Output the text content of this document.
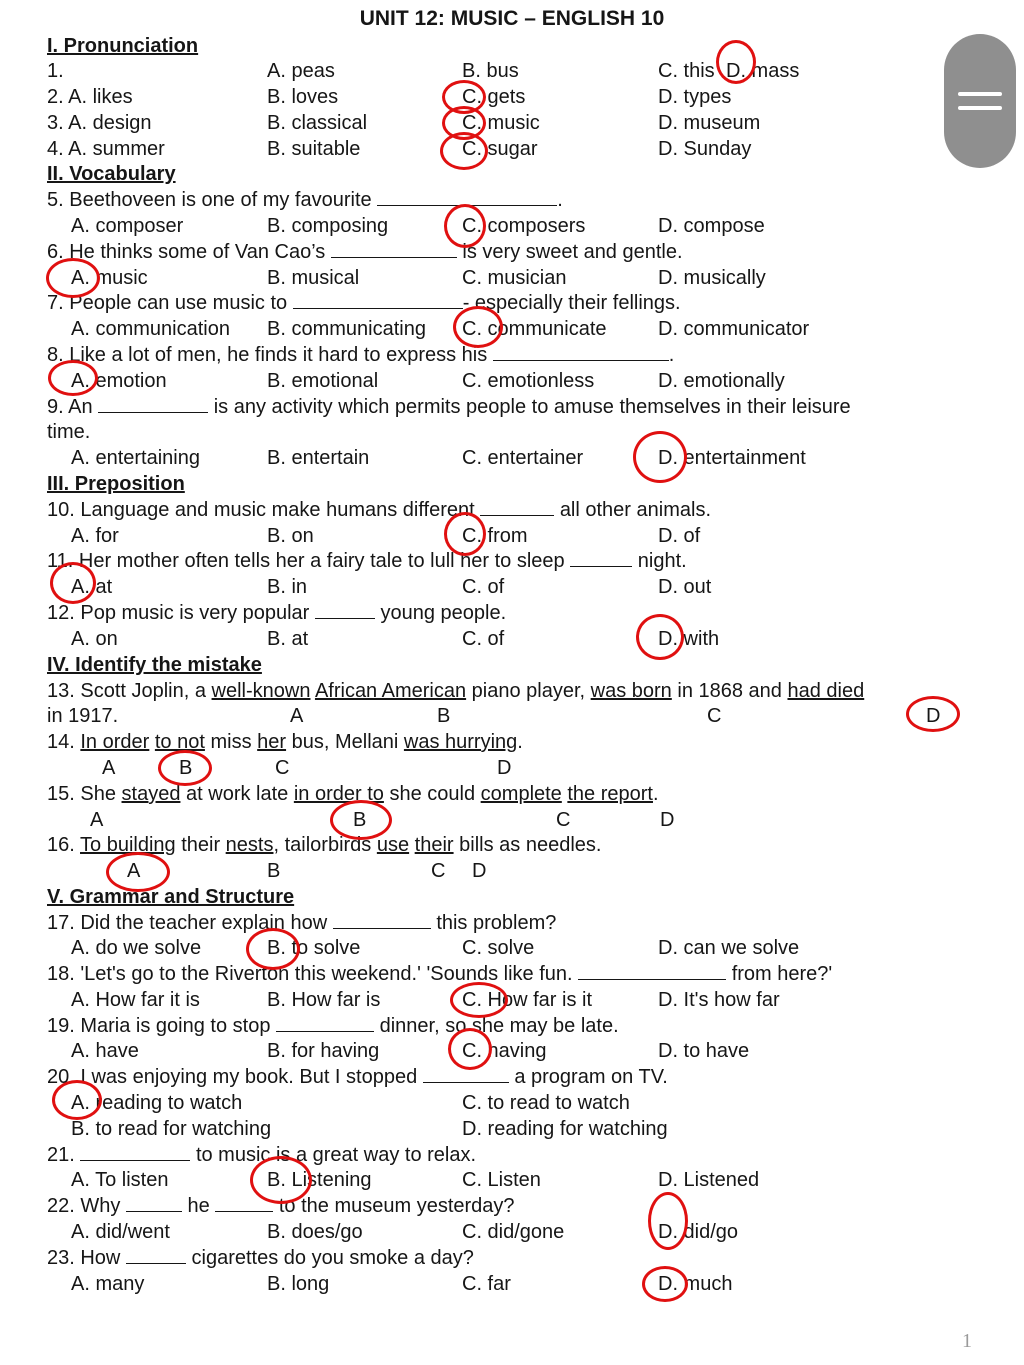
UNIT 12: MUSIC – ENGLISH 10
I. Pronunciation
1.	A. peas	B. bus	C. this D. mass
2. A. likes	B. loves	C. gets	D. types
3. A. design	B. classical	C. music	D. museum
4. A. summer	B. suitable	C. sugar	D. Sunday
II. Vocabulary
5. Beethoveen is one of my favourite	.
A. composer	B. composing	C. composers	D. compose
6. He thinks some of Van Cao’s	is very sweet and gentle.
A. music	B. musical	C. musician	D. musically
7. People can use music to	- especially their fellings.
A. communication B. communicating C. communicate	D. communicator
8. Like a lot of men, he finds it hard to express his	.
A. emotion	B. emotional	C. emotionless	D. emotionally
9. An	is any activity which permits people to amuse themselves in their leisure
time.
A. entertaining	B. entertain	C. entertainer	D. entertainment
III. Preposition
10. Language and music make humans different	all other animals.
A. for	B. on	C. from	D. of
11. Her mother often tells her a fairy tale to lull her to sleep	night.
A. at	B. in	C. of	D. out
12. Pop music is very popular	young people.
A. on	B. at	C. of	D. with
IV. Identify the mistake
13. Scott Joplin, a well-known African American piano player, was born in 1868 and had died
in 1917.	A	B	C	D
14. In order to not miss her bus, Mellani was hurrying.
A	B	C	D
15. She stayed at work late in order to she could complete the report.
A	B	C	D
16. To building their nests, tailorbirds use their bills as needles.
A	B	C D
V. Grammar and Structure
17. Did the teacher explain how	this problem?
A. do we solve	B. to solve	C. solve	D. can we solve
18. 'Let's go to the Riverton this weekend.' 'Sounds like fun.	from here?'
A. How far it is	B. How far is	C. How far is it	D. It's how far
19. Maria is going to stop	dinner, so she may be late.
A. have	B. for having	C. having	D. to have
20. I was enjoying my book. But I stopped	a program on TV.
A. reading to watch	C. to read to watch
B. to read for watching	D. reading for watching
21.	to music is a great way to relax.
A. To listen	B. Listening	C. Listen	D. Listened
22. Why	he	to the museum yesterday?
A. did/went	B. does/go	C. did/gone	D. did/go
23. How	cigarettes do you smoke a day?
A. many	B. long	C. far	D. much
1
